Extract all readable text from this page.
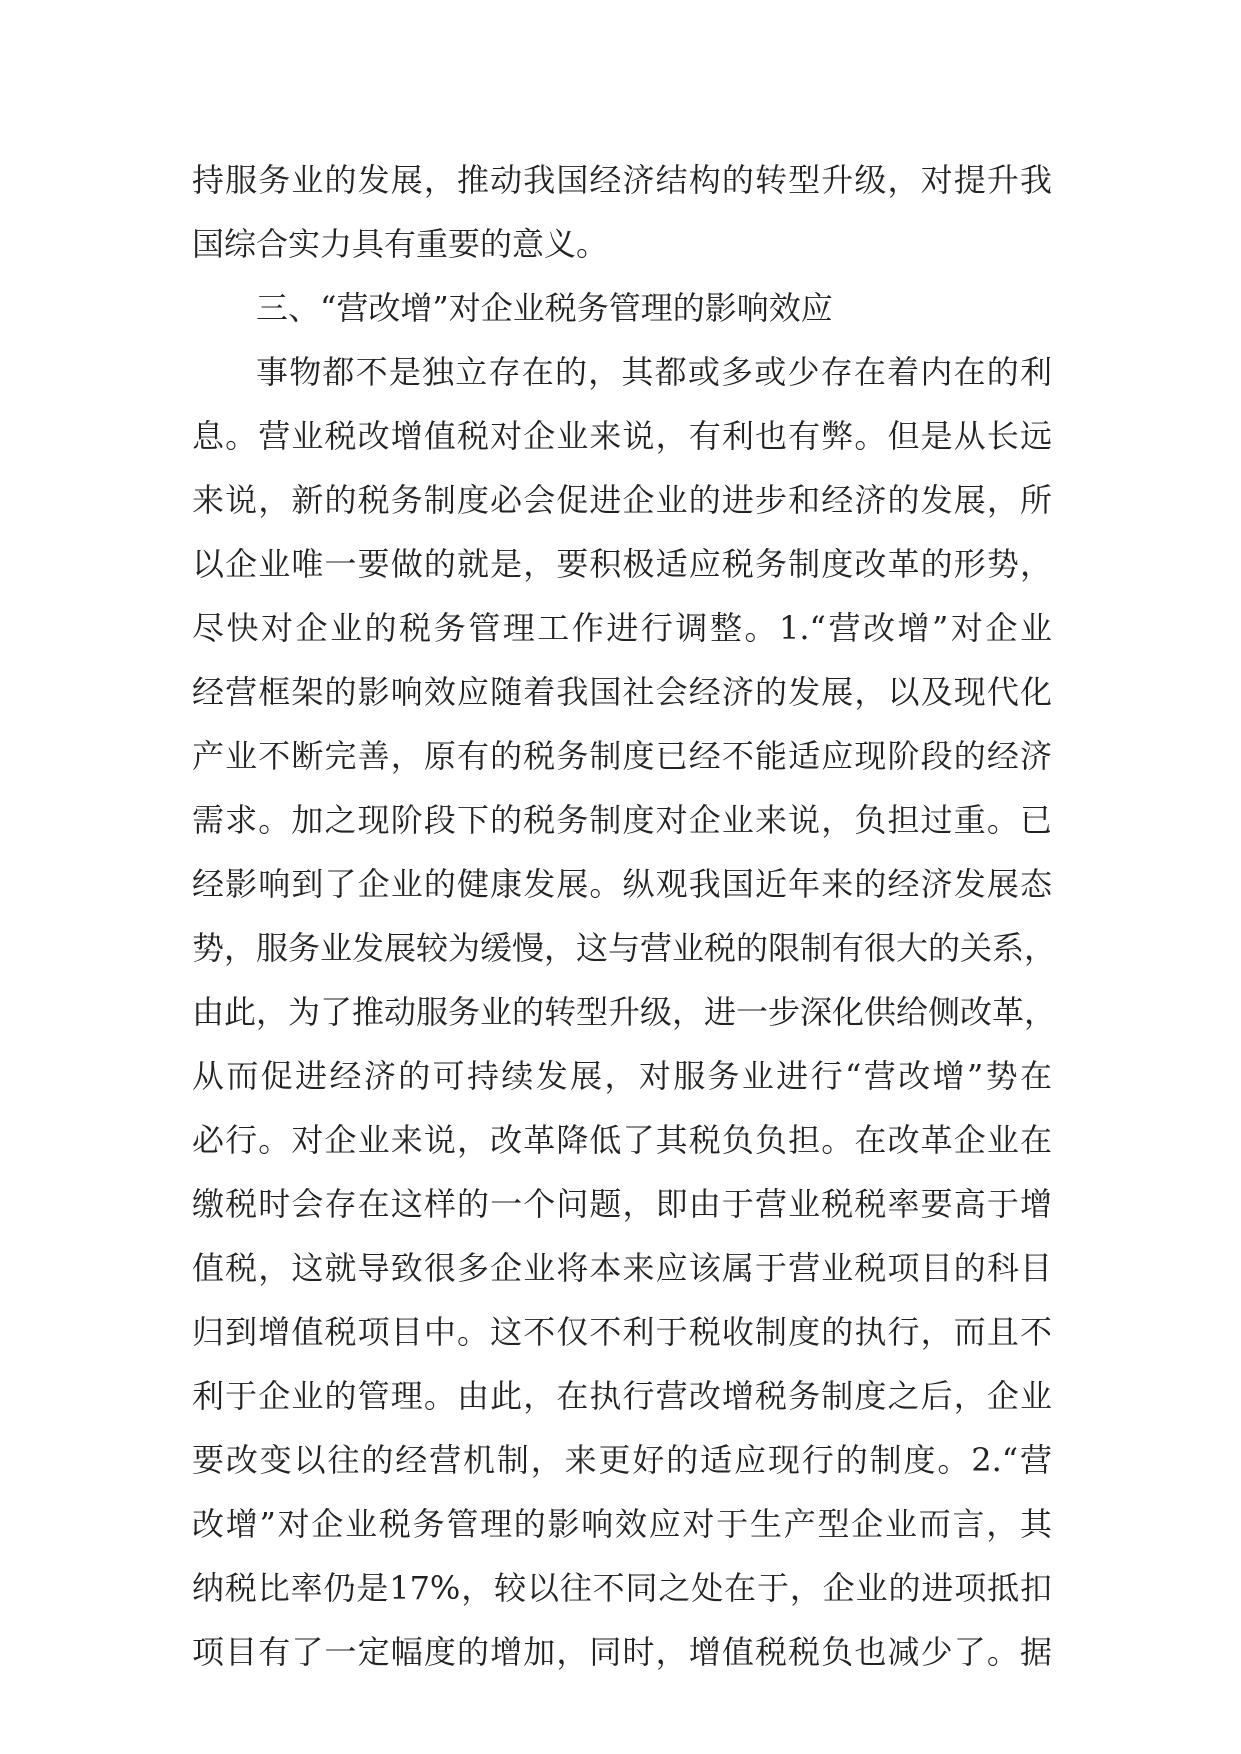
持服务业的发展，推动我国经济结构的转型升级，对提升我
国综合实力具有重要的意义。
三、“营改增”对企业税务管理的影响效应
事物都不是独立存在的，其都或多或少存在着内在的利
息。营业税改增值税对企业来说，有利也有弊。但是从长远
来说，新的税务制度必会促进企业的进步和经济的发展，所
以企业唯一要做的就是，要积极适应税务制度改革的形势，
尽快对企业的税务管理工作进行调整。1.“营改增”对企业
经营框架的影响效应随着我国社会经济的发展，以及现代化
产业不断完善，原有的税务制度已经不能适应现阶段的经济
需求。加之现阶段下的税务制度对企业来说，负担过重。已
经影响到了企业的健康发展。纵观我国近年来的经济发展态
势，服务业发展较为缓慢，这与营业税的限制有很大的关系，
由此，为了推动服务业的转型升级，进一步深化供给侧改革，
从而促进经济的可持续发展，对服务业进行“营改增”势在
必行。对企业来说，改革降低了其税负负担。在改革企业在
缴税时会存在这样的一个问题，即由于营业税税率要高于增
值税，这就导致很多企业将本来应该属于营业税项目的科目
归到增值税项目中。这不仅不利于税收制度的执行，而且不
利于企业的管理。由此，在执行营改增税务制度之后，企业
要改变以往的经营机制，来更好的适应现行的制度。2.“营
改增”对企业税务管理的影响效应对于生产型企业而言，其
纳税比率仍是17%，较以往不同之处在于，企业的进项抵扣
项目有了一定幅度的增加，同时，增值税税负也减少了。据
